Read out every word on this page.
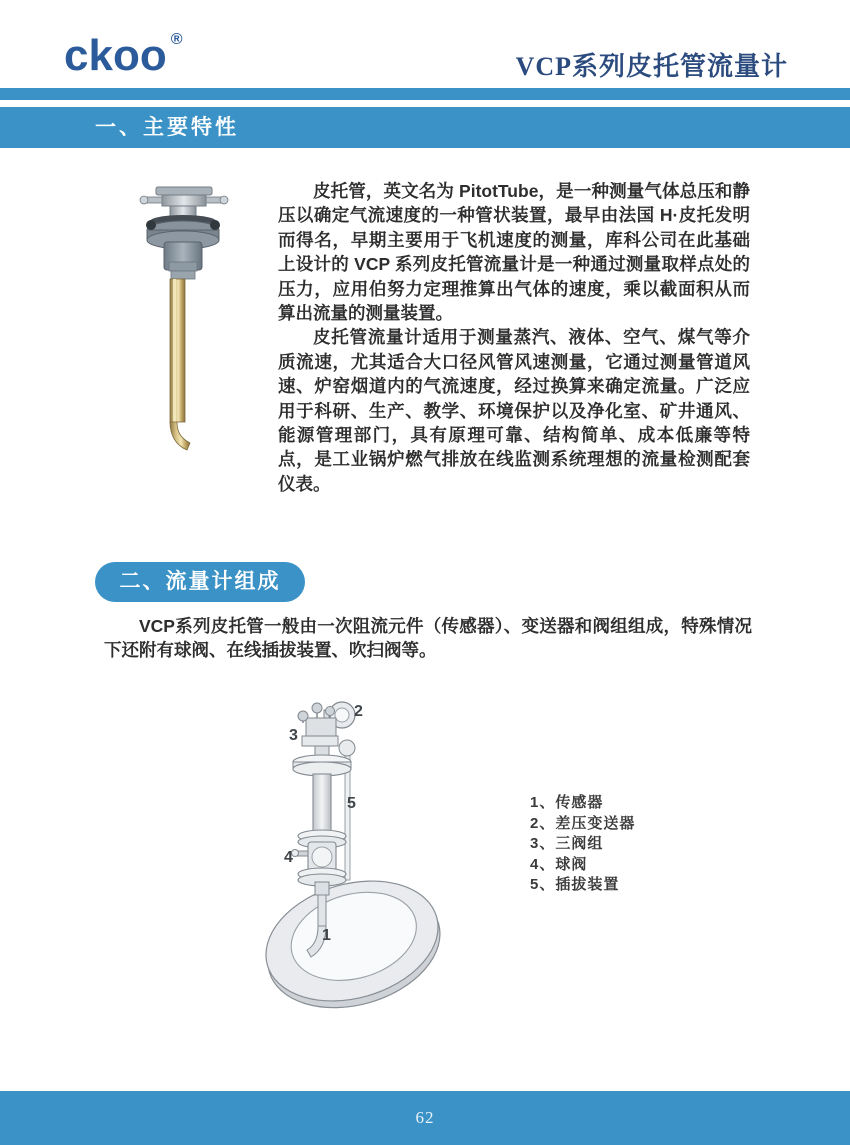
ckoo ®
VCP系列皮托管流量计
一、主要特性

皮托管，英文名为 PitotTube，是一种测量气体总压和静压以确定气流速度的一种管状装置，最早由法国 H·皮托发明而得名，早期主要用于飞机速度的测量，库科公司在此基础上设计的 VCP 系列皮托管流量计是一种通过测量取样点处的压力，应用伯努力定理推算出气体的速度，乘以截面积从而算出流量的测量装置。

皮托管流量计适用于测量蒸汽、液体、空气、煤气等介质流速，尤其适合大口径风管风速测量，它通过测量管道风速、炉窑烟道内的气流速度，经过换算来确定流量。广泛应用于科研、生产、教学、环境保护以及净化室、矿井通风、能源管理部门，具有原理可靠、结构简单、成本低廉等特点，是工业锅炉燃气排放在线监测系统理想的流量检测配套仪表。

二、流量计组成

VCP系列皮托管一般由一次阻流元件（传感器）、变送器和阀组组成，特殊情况下还附有球阀、在线插拔装置、吹扫阀等。

1
2
3
4
5	1、传感器
2、差压变送器
3、三阀组
4、球阀
5、插拔装置
62
